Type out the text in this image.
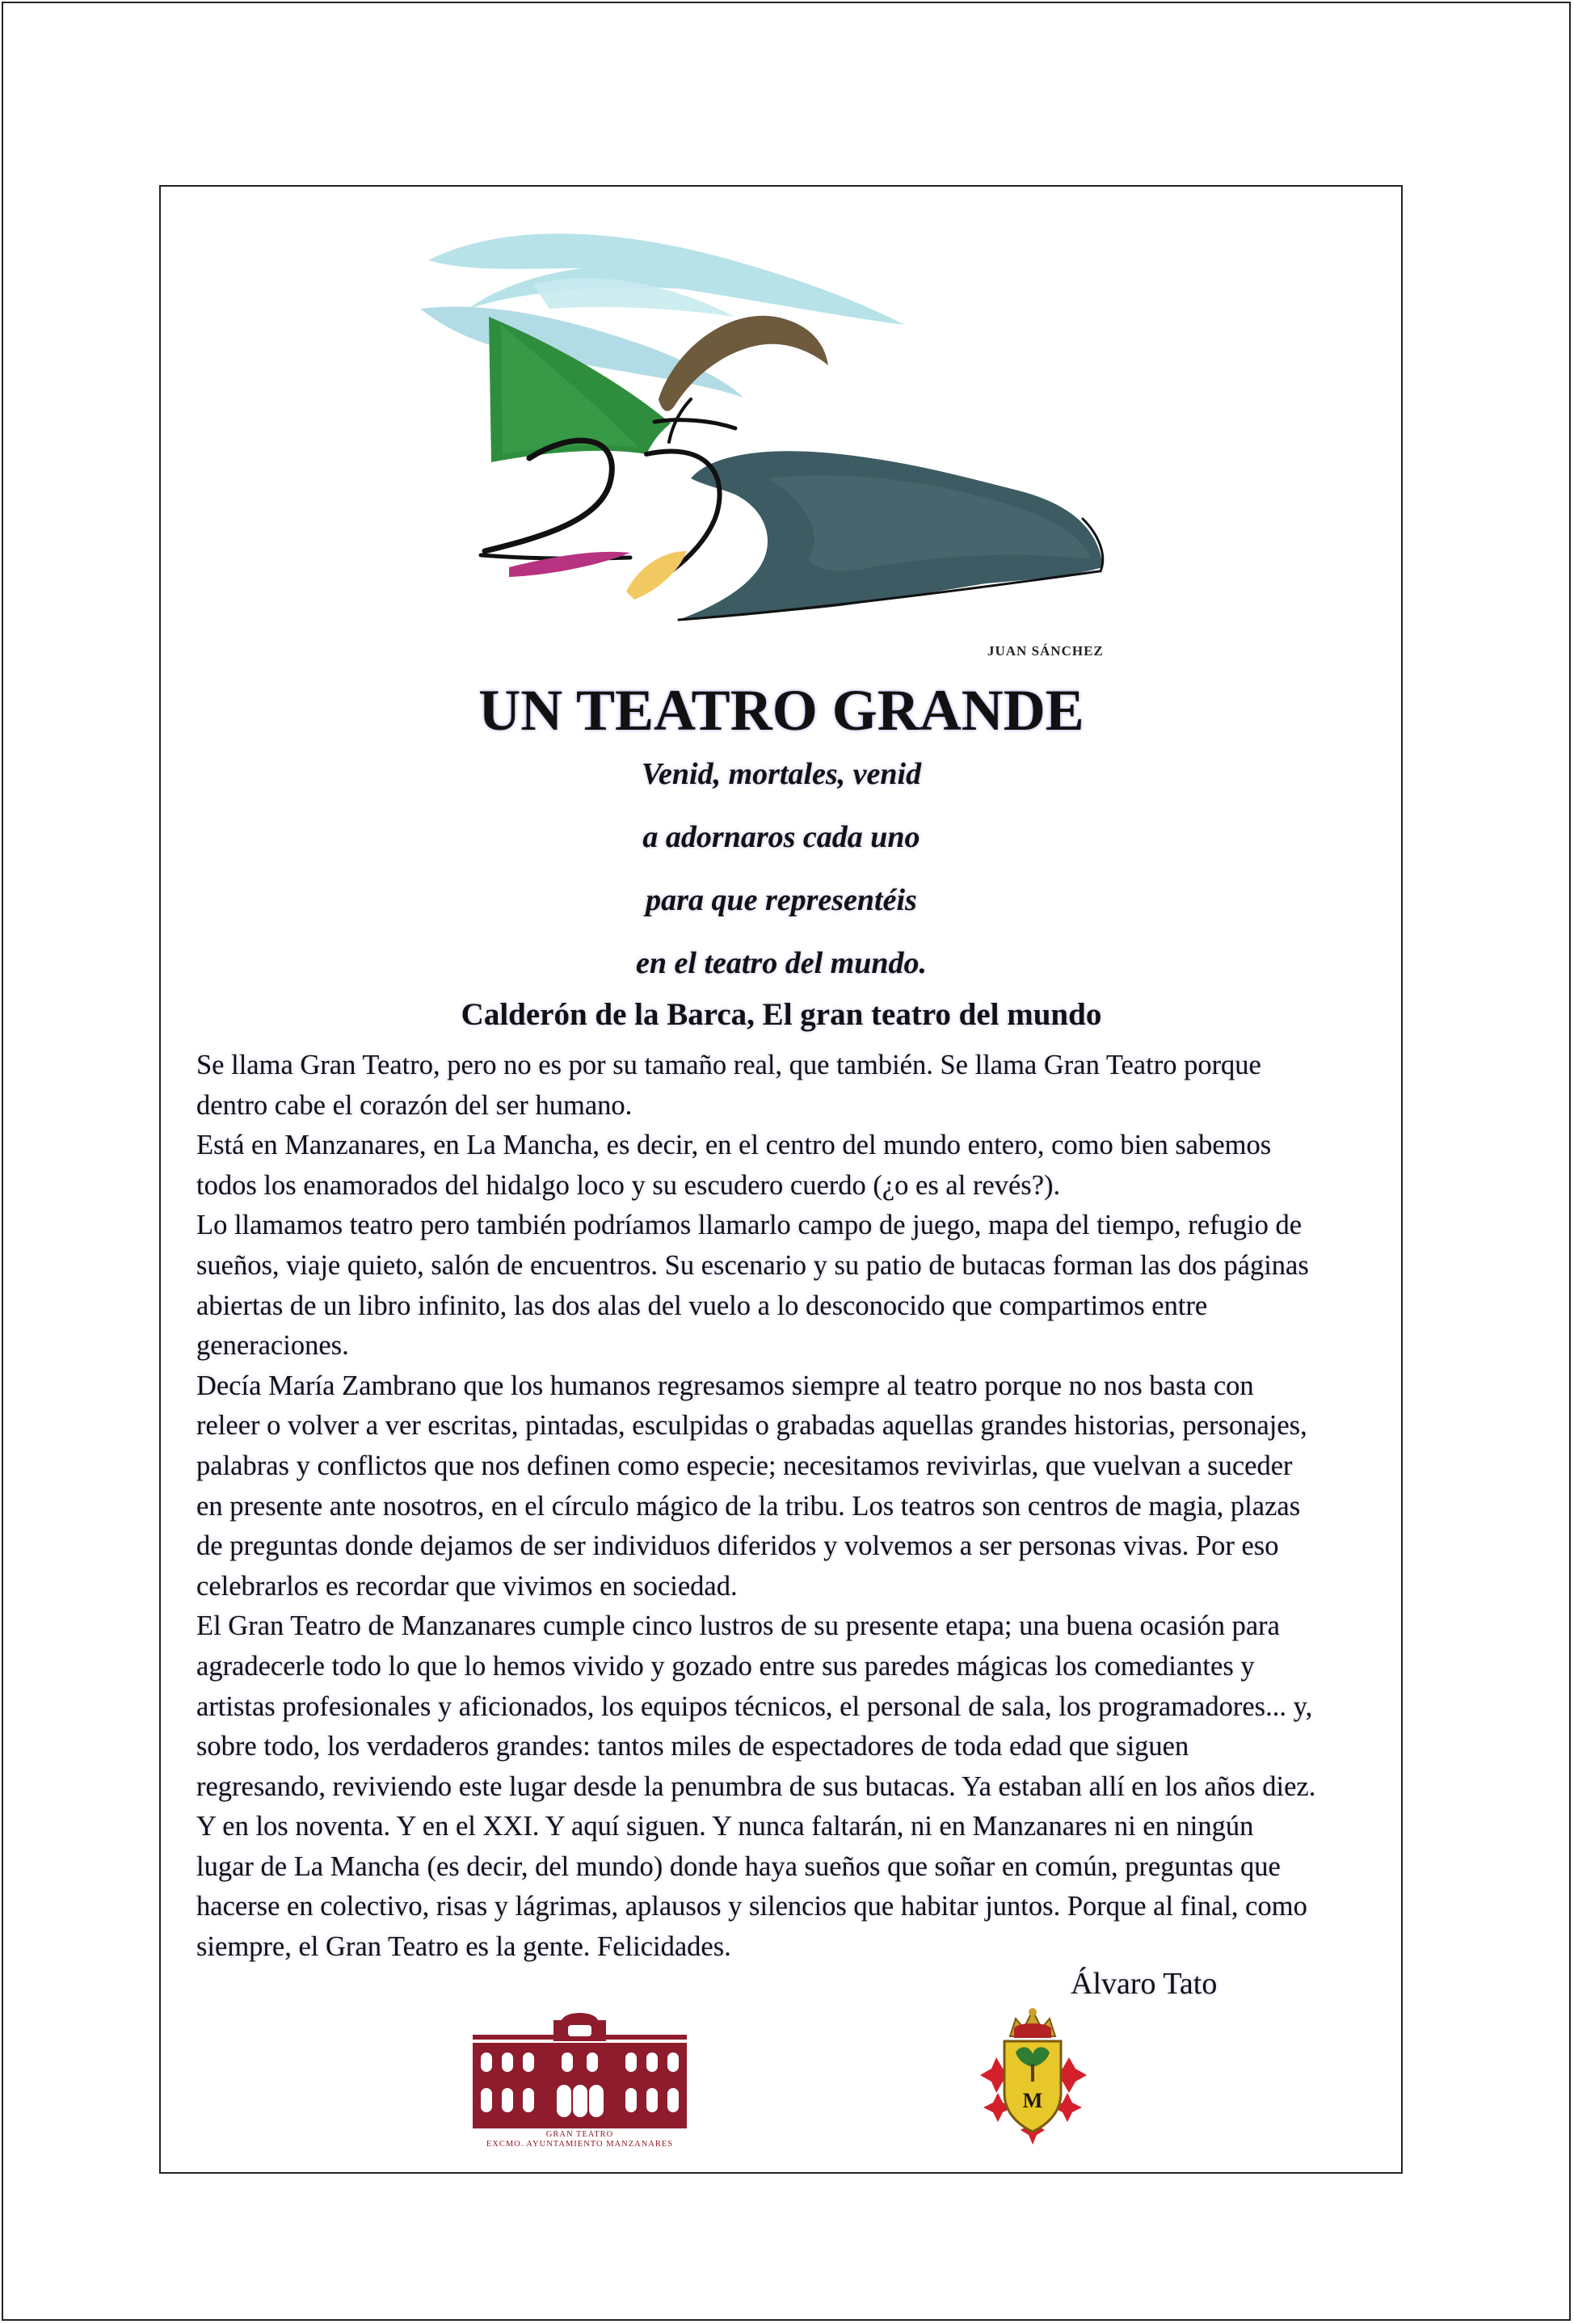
JUAN SÁNCHEZ
UN TEATRO GRANDE
Venid, mortales, venid
a adornaros cada uno
para que representéis
en el teatro del mundo.
Calderón de la Barca, El gran teatro del mundo

Se llama Gran Teatro, pero no es por su tamaño real, que también. Se llama Gran Teatro porque

dentro cabe el corazón del ser humano.

Está en Manzanares, en La Mancha, es decir, en el centro del mundo entero, como bien sabemos

todos los enamorados del hidalgo loco y su escudero cuerdo (¿o es al revés?).

Lo llamamos teatro pero también podríamos llamarlo campo de juego, mapa del tiempo, refugio de

sueños, viaje quieto, salón de encuentros. Su escenario y su patio de butacas forman las dos páginas

abiertas de un libro infinito, las dos alas del vuelo a lo desconocido que compartimos entre

generaciones.

Decía María Zambrano que los humanos regresamos siempre al teatro porque no nos basta con

releer o volver a ver escritas, pintadas, esculpidas o grabadas aquellas grandes historias, personajes,

palabras y conflictos que nos definen como especie; necesitamos revivirlas, que vuelvan a suceder

en presente ante nosotros, en el círculo mágico de la tribu. Los teatros son centros de magia, plazas

de preguntas donde dejamos de ser individuos diferidos y volvemos a ser personas vivas. Por eso

celebrarlos es recordar que vivimos en sociedad.

El Gran Teatro de Manzanares cumple cinco lustros de su presente etapa; una buena ocasión para

agradecerle todo lo que lo hemos vivido y gozado entre sus paredes mágicas los comediantes y

artistas profesionales y aficionados, los equipos técnicos, el personal de sala, los programadores... y,

sobre todo, los verdaderos grandes: tantos miles de espectadores de toda edad que siguen

regresando, reviviendo este lugar desde la penumbra de sus butacas. Ya estaban allí en los años diez.

Y en los noventa. Y en el XXI. Y aquí siguen. Y nunca faltarán, ni en Manzanares ni en ningún

lugar de La Mancha (es decir, del mundo) donde haya sueños que soñar en común, preguntas que

hacerse en colectivo, risas y lágrimas, aplausos y silencios que habitar juntos. Porque al final, como

siempre, el Gran Teatro es la gente. Felicidades.

Álvaro Tato
GRAN TEATRO
EXCMO. AYUNTAMIENTO MANZANARES
M
